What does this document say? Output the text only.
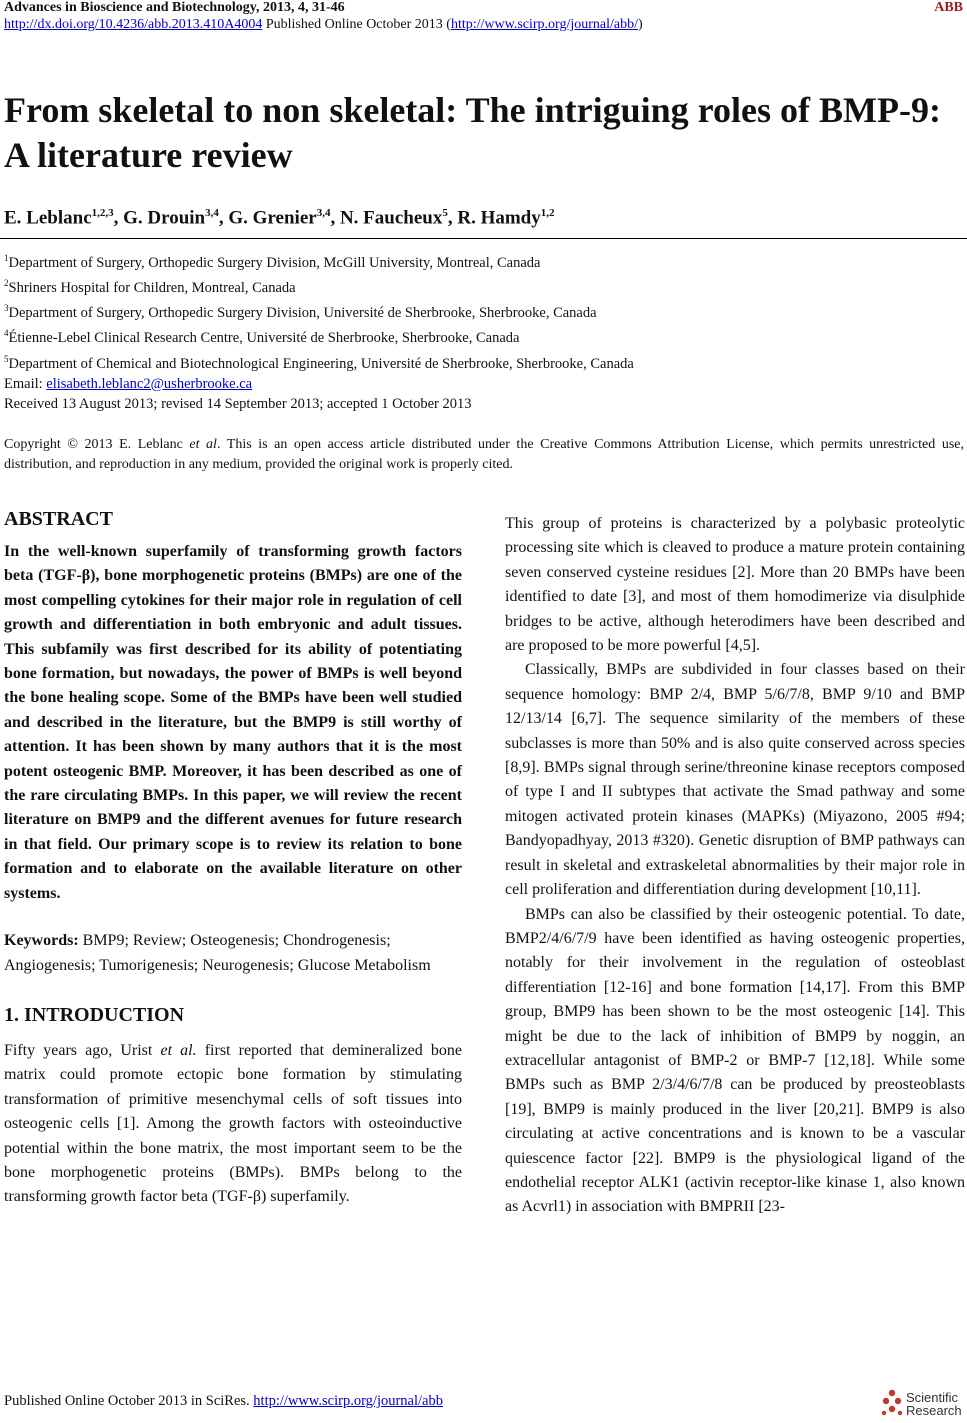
Advances in Bioscience and Biotechnology, 2013, 4, 31-46	ABB
http://dx.doi.org/10.4236/abb.2013.410A4004 Published Online October 2013 (http://www.scirp.org/journal/abb/)
From skeletal to non skeletal: The intriguing roles of BMP-9: A literature review
E. Leblanc$^{1,2,3}$, G. Drouin$^{3,4}$, G. Grenier$^{3,4}$, N. Faucheux$^5$, R. Hamdy$^{1,2}$
$^1$Department of Surgery, Orthopedic Surgery Division, McGill University, Montreal, Canada
$^2$Shriners Hospital for Children, Montreal, Canada
$^3$Department of Surgery, Orthopedic Surgery Division, Université de Sherbrooke, Sherbrooke, Canada
$^4$Étienne-Lebel Clinical Research Centre, Université de Sherbrooke, Sherbrooke, Canada
$^5$Department of Chemical and Biotechnological Engineering, Université de Sherbrooke, Sherbrooke, Canada
Email: elisabeth.leblanc2@usherbrooke.ca
Received 13 August 2013; revised 14 September 2013; accepted 1 October 2013
Copyright © 2013 E. Leblanc et al. This is an open access article distributed under the Creative Commons Attribution License, which permits unrestricted use, distribution, and reproduction in any medium, provided the original work is properly cited.
ABSTRACT

In the well-known superfamily of transforming growth factors beta (TGF-β), bone morphogenetic proteins (BMPs) are one of the most compelling cytokines for their major role in regulation of cell growth and differentiation in both embryonic and adult tissues. This subfamily was first described for its ability of potentiating bone formation, but nowadays, the power of BMPs is well beyond the bone healing scope. Some of the BMPs have been well studied and described in the literature, but the BMP9 is still worthy of attention. It has been shown by many authors that it is the most potent osteogenic BMP. Moreover, it has been described as one of the rare circulating BMPs. In this paper, we will review the recent literature on BMP9 and the different avenues for future research in that field. Our primary scope is to review its relation to bone formation and to elaborate on the available literature on other systems.

Keywords: BMP9; Review; Osteogenesis; Chondrogenesis; Angiogenesis; Tumorigenesis; Neurogenesis; Glucose Metabolism

1. INTRODUCTION

Fifty years ago, Urist et al. first reported that demineralized bone matrix could promote ectopic bone formation by stimulating transformation of primitive mesenchymal cells of soft tissues into osteogenic cells [1]. Among the growth factors with osteoinductive potential within the bone matrix, the most important seem to be the bone morphogenetic proteins (BMPs). BMPs belong to the transforming growth factor beta (TGF-β) superfamily.

This group of proteins is characterized by a polybasic proteolytic processing site which is cleaved to produce a mature protein containing seven conserved cysteine residues [2]. More than 20 BMPs have been identified to date [3], and most of them homodimerize via disulphide bridges to be active, although heterodimers have been described and are proposed to be more powerful [4,5].

Classically, BMPs are subdivided in four classes based on their sequence homology: BMP 2/4, BMP 5/6/7/8, BMP 9/10 and BMP 12/13/14 [6,7]. The sequence similarity of the members of these subclasses is more than 50% and is also quite conserved across species [8,9]. BMPs signal through serine/threonine kinase receptors composed of type I and II subtypes that activate the Smad pathway and some mitogen activated protein kinases (MAPKs) (Miyazono, 2005 #94; Bandyopadhyay, 2013 #320). Genetic disruption of BMP pathways can result in skeletal and extraskeletal abnormalities by their major role in cell proliferation and differentiation during development [10,11].

BMPs can also be classified by their osteogenic potential. To date, BMP2/4/6/7/9 have been identified as having osteogenic properties, notably for their involvement in the regulation of osteoblast differentiation [12-16] and bone formation [14,17]. From this BMP group, BMP9 has been shown to be the most osteogenic [14]. This might be due to the lack of inhibition of BMP9 by noggin, an extracellular antagonist of BMP-2 or BMP-7 [12,18]. While some BMPs such as BMP 2/3/4/6/7/8 can be produced by preosteoblasts [19], BMP9 is mainly produced in the liver [20,21]. BMP9 is also circulating at active concentrations and is known to be a vascular quiescence factor [22]. BMP9 is the physiological ligand of the endothelial receptor ALK1 (activin receptor-like kinase 1, also known as Acvrl1) in association with BMPRII [23-

Published Online October 2013 in SciRes. http://www.scirp.org/journal/abb	Scientific
Research
